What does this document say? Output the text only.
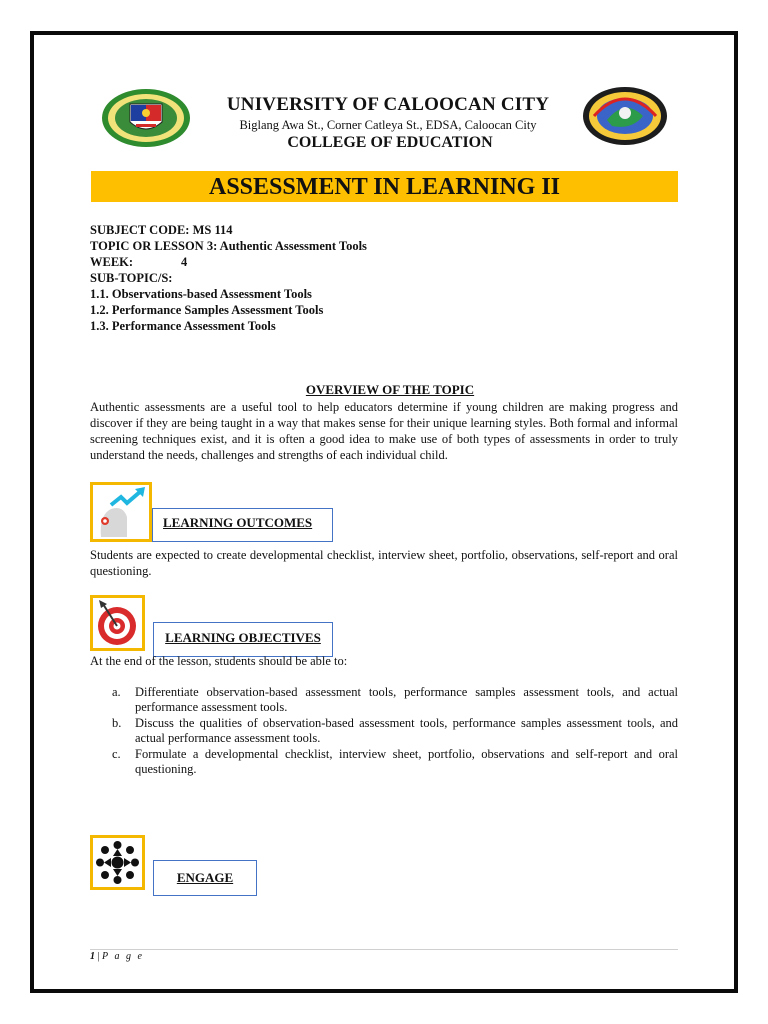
UNIVERSITY OF CALOOCAN CITY
Biglang Awa St., Corner Catleya St., EDSA, Caloocan City
COLLEGE OF EDUCATION
ASSESSMENT IN LEARNING II
SUBJECT CODE: MS 114
TOPIC OR LESSON 3: Authentic Assessment Tools
WEEK:	4
SUB-TOPIC/S:
1.1. Observations-based Assessment Tools
1.2. Performance Samples Assessment Tools
1.3. Performance Assessment Tools
OVERVIEW OF THE TOPIC
Authentic assessments are a useful tool to help educators determine if young children are making progress and discover if they are being taught in a way that makes sense for their unique learning styles. Both formal and informal screening techniques exist, and it is often a good idea to make use of both types of assessments in order to truly understand the needs, challenges and strengths of each individual child.
LEARNING OUTCOMES
Students are expected to create developmental checklist, interview sheet, portfolio, observations, self-report and oral questioning.
LEARNING OBJECTIVES
At the end of the lesson, students should be able to:
a. Differentiate observation-based assessment tools, performance samples assessment tools, and actual performance assessment tools.
b. Discuss the qualities of observation-based assessment tools, performance samples assessment tools, and actual performance assessment tools.
c. Formulate a developmental checklist, interview sheet, portfolio, observations and self-report and oral questioning.
ENGAGE
1 | P a g e
